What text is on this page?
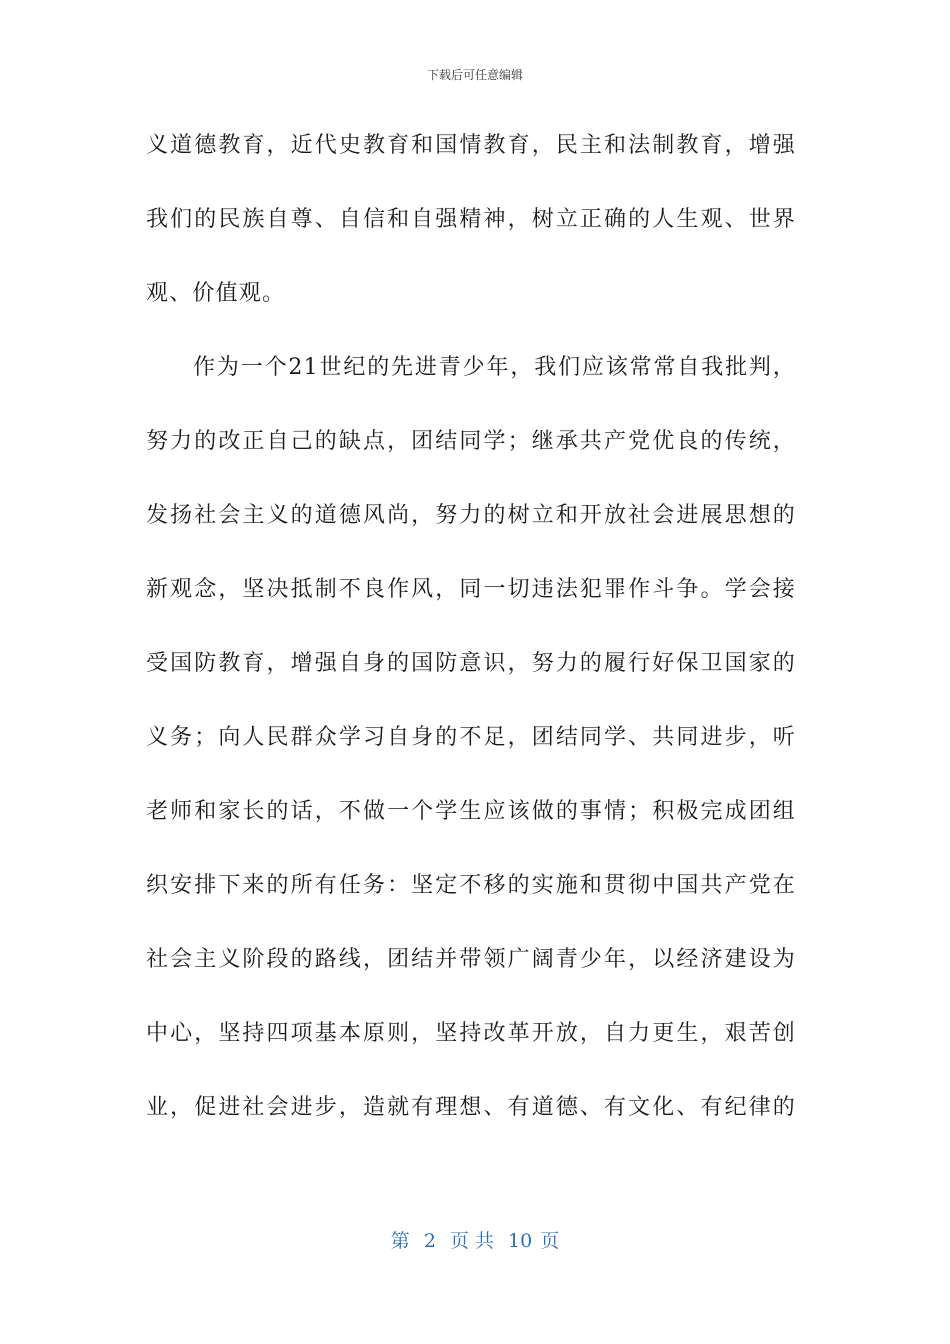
下载后可任意编辑
义道德教育，近代史教育和国情教育，民主和法制教育，增强
我们的民族自尊、自信和自强精神，树立正确的人生观、世界
观、价值观。
作为一个21世纪的先进青少年，我们应该常常自我批判，
努力的改正自己的缺点，团结同学；继承共产党优良的传统，
发扬社会主义的道德风尚，努力的树立和开放社会进展思想的
新观念，坚决抵制不良作风，同一切违法犯罪作斗争。学会接
受国防教育，增强自身的国防意识，努力的履行好保卫国家的
义务；向人民群众学习自身的不足，团结同学、共同进步，听
老师和家长的话，不做一个学生应该做的事情；积极完成团组
织安排下来的所有任务：坚定不移的实施和贯彻中国共产党在
社会主义阶段的路线，团结并带领广阔青少年，以经济建设为
中心，坚持四项基本原则，坚持改革开放，自力更生，艰苦创
业，促进社会进步，造就有理想、有道德、有文化、有纪律的
第 2 页 共 10 页
